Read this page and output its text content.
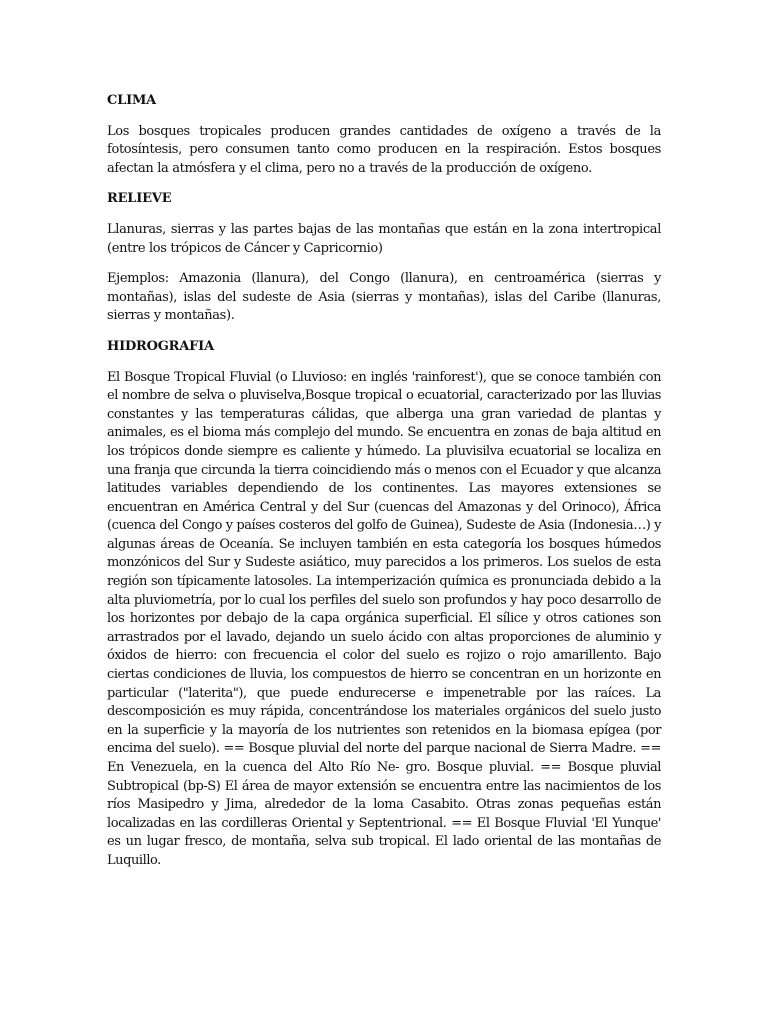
CLIMA

Los bosques tropicales producen grandes cantidades de oxígeno a través de la fotosíntesis, pero consumen tanto como producen en la respiración. Estos bosques afectan la atmósfera y el clima, pero no a través de la producción de oxígeno.

RELIEVE

Llanuras, sierras y las partes bajas de las montañas que están en la zona intertropical (entre los trópicos de Cáncer y Capricornio)

Ejemplos: Amazonia (llanura), del Congo (llanura), en centroamérica (sierras y montañas), islas del sudeste de Asia (sierras y montañas), islas del Caribe (llanuras, sierras y montañas).

HIDROGRAFIA

El Bosque Tropical Fluvial (o Lluvioso: en inglés 'rainforest'), que se conoce también con el nombre de selva o pluviselva,Bosque tropical o ecuatorial, caracterizado por las lluvias constantes y las temperaturas cálidas, que alberga una gran variedad de plantas y animales, es el bioma más complejo del mundo. Se encuentra en zonas de baja altitud en los trópicos donde siempre es caliente y húmedo. La pluvisilva ecuatorial se localiza en una franja que circunda la tierra coincidiendo más o menos con el Ecuador y que alcanza latitudes variables dependiendo de los continentes. Las mayores extensiones se encuentran en América Central y del Sur (cuencas del Amazonas y del Orinoco), África (cuenca del Congo y países costeros del golfo de Guinea), Sudeste de Asia (Indonesia…) y algunas áreas de Oceanía. Se incluyen también en esta categoría los bosques húmedos monzónicos del Sur y Sudeste asiático, muy parecidos a los primeros. Los suelos de esta región son típicamente latosoles. La intemperización química es pronunciada debido a la alta pluviometría, por lo cual los perfiles del suelo son profundos y hay poco desarrollo de los horizontes por debajo de la capa orgánica superficial. El sílice y otros cationes son arrastrados por el lavado, dejando un suelo ácido con altas proporciones de aluminio y óxidos de hierro: con frecuencia el color del suelo es rojizo o rojo amarillento. Bajo ciertas condiciones de lluvia, los compuestos de hierro se concentran en un horizonte en particular ("laterita"), que puede endurecerse e impenetrable por las raíces. La descomposición es muy rápida, concentrándose los materiales orgánicos del suelo justo en la superficie y la mayoría de los nutrientes son retenidos en la biomasa epígea (por encima del suelo). == Bosque pluvial del norte del parque nacional de Sierra Madre. == En Venezuela, en la cuenca del Alto Río Ne- gro. Bosque pluvial. == Bosque pluvial Subtropical (bp-S) El área de mayor extensión se encuentra entre las nacimientos de los ríos Masipedro y Jima, alrededor de la loma Casabito. Otras zonas pequeñas están localizadas en las cordilleras Oriental y Septentrional. == El Bosque Fluvial 'El Yunque' es un lugar fresco, de montaña, selva sub tropical. El lado oriental de las montañas de Luquillo.
